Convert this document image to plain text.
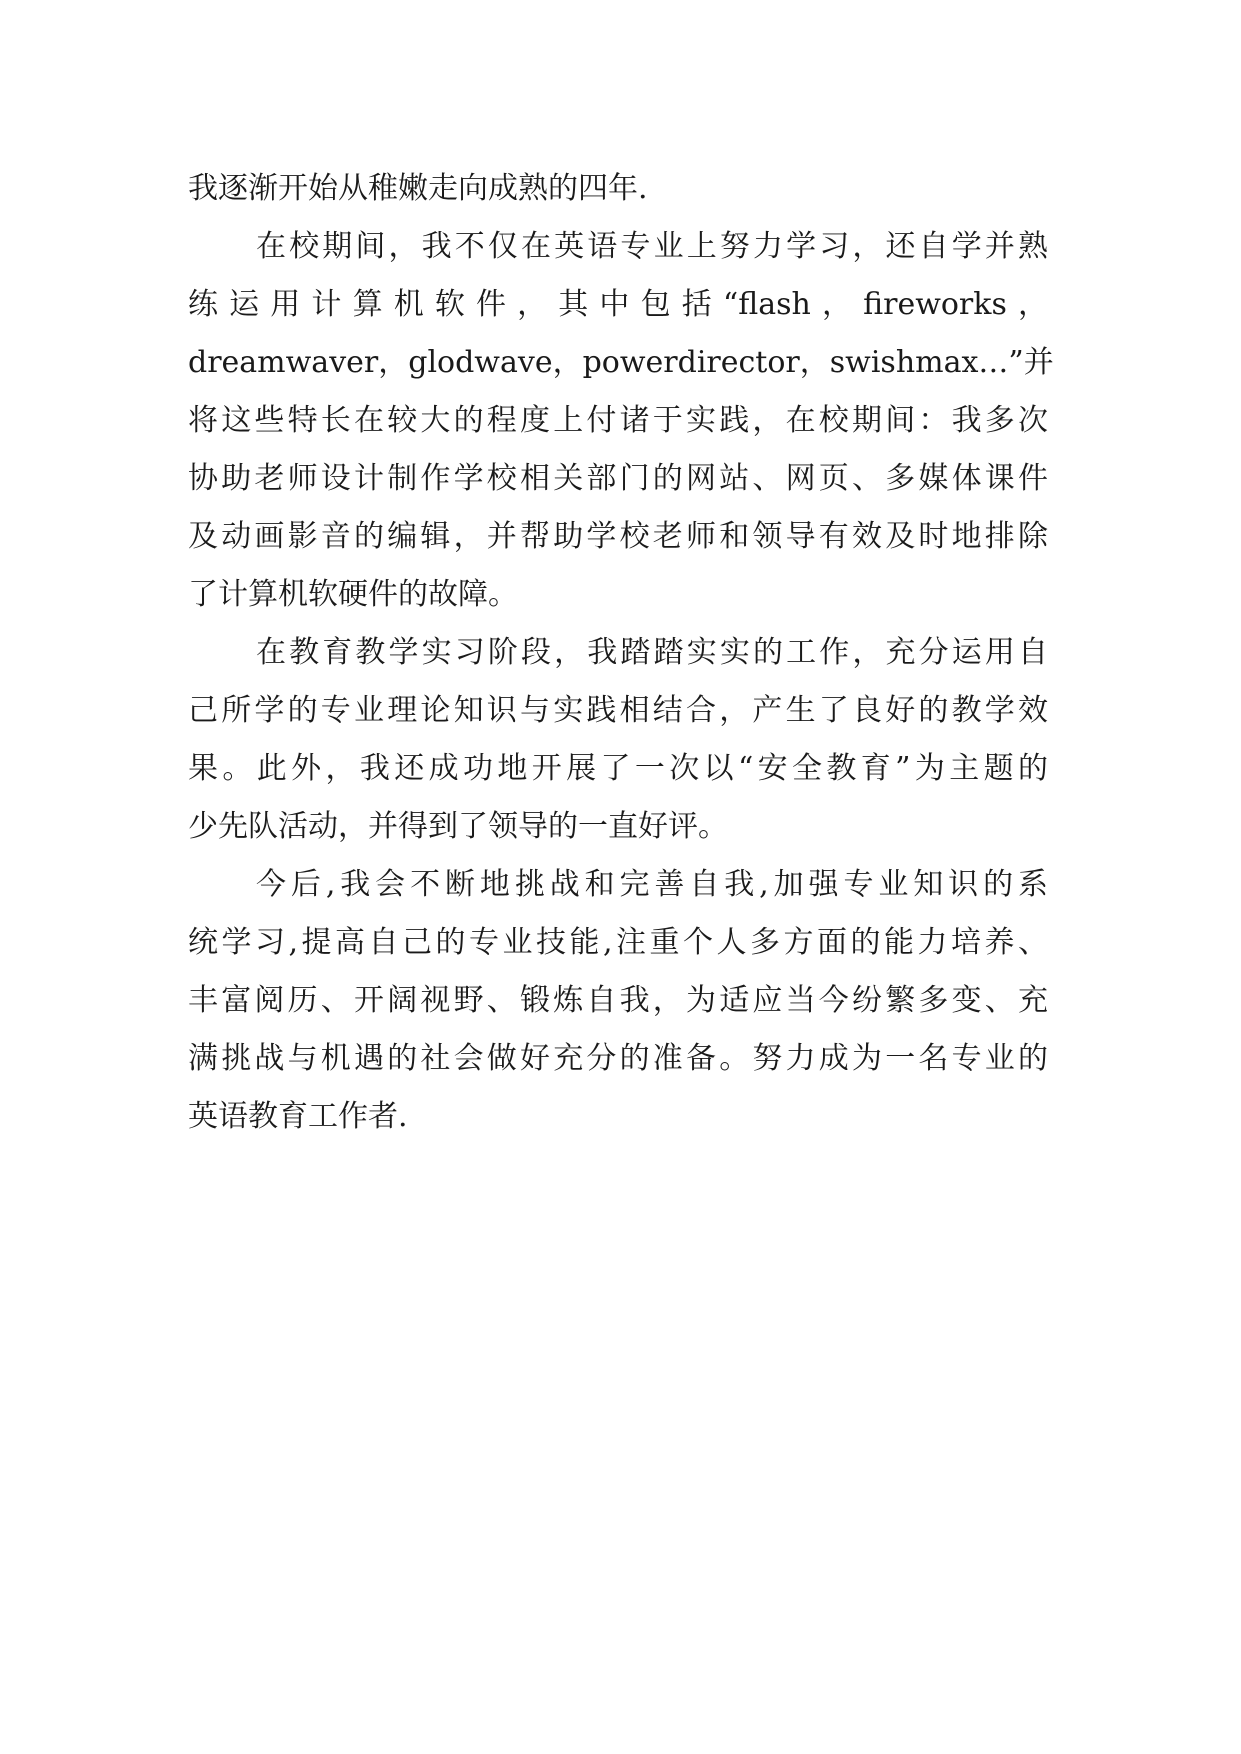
我逐渐开始从稚嫩走向成熟的四年.
在校期间，我不仅在英语专业上努力学习，还自学并熟
练运用计算机软件，其中包括“flash，fireworks，
dreamwaver，glodwave，powerdirector，swishmax…”并
将这些特长在较大的程度上付诸于实践，在校期间：我多次
协助老师设计制作学校相关部门的网站、网页、多媒体课件
及动画影音的编辑，并帮助学校老师和领导有效及时地排除
了计算机软硬件的故障。
在教育教学实习阶段，我踏踏实实的工作，充分运用自
己所学的专业理论知识与实践相结合，产生了良好的教学效
果。此外，我还成功地开展了一次以“安全教育”为主题的
少先队活动，并得到了领导的一直好评。
今后,我会不断地挑战和完善自我,加强专业知识的系
统学习,提高自己的专业技能,注重个人多方面的能力培养、
丰富阅历、开阔视野、锻炼自我，为适应当今纷繁多变、充
满挑战与机遇的社会做好充分的准备。努力成为一名专业的
英语教育工作者.
